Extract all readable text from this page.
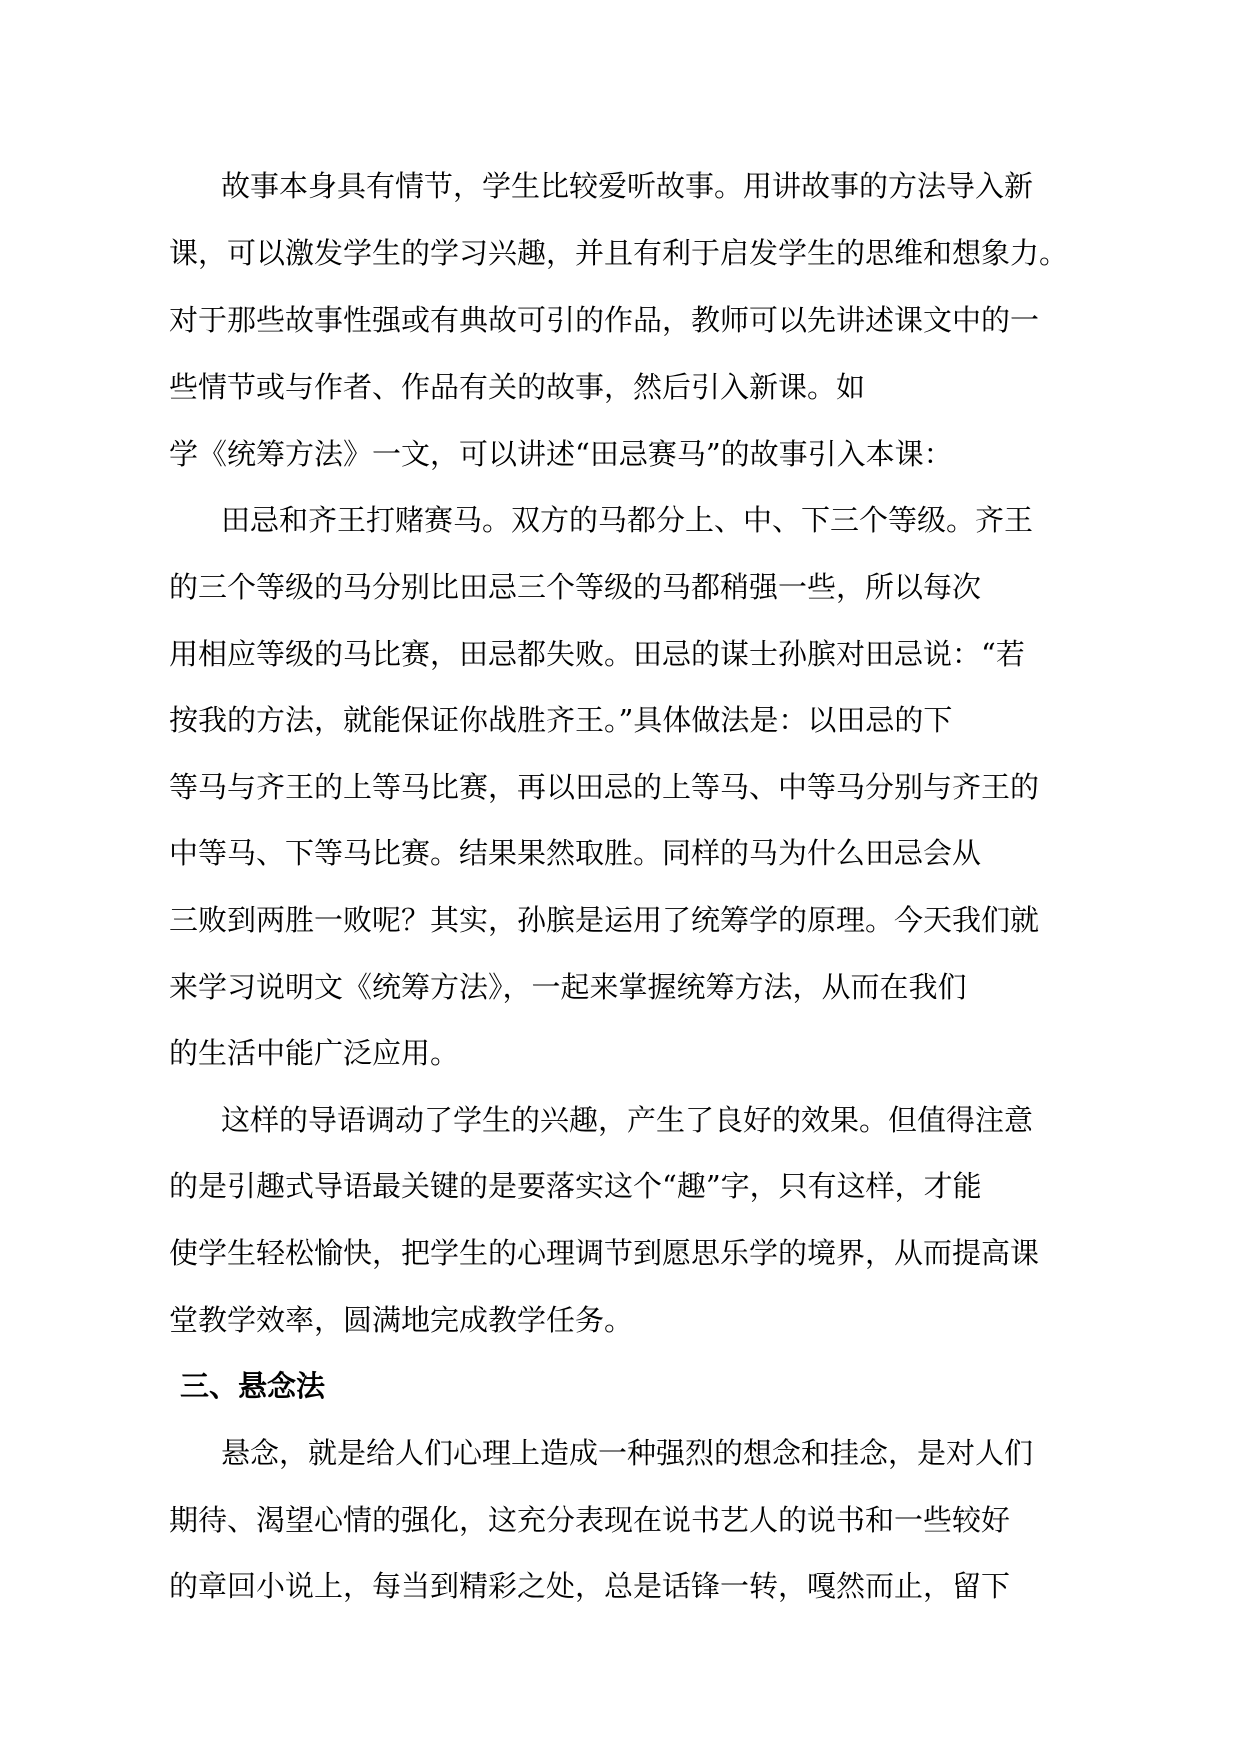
故事本身具有情节，学生比较爱听故事。用讲故事的方法导入新
课，可以激发学生的学习兴趣，并且有利于启发学生的思维和想象力。
对于那些故事性强或有典故可引的作品，教师可以先讲述课文中的一
些情节或与作者、作品有关的故事，然后引入新课。如
学《统筹方法》一文，可以讲述“田忌赛马”的故事引入本课：
田忌和齐王打赌赛马。双方的马都分上、中、下三个等级。齐王
的三个等级的马分别比田忌三个等级的马都稍强一些，所以每次
用相应等级的马比赛，田忌都失败。田忌的谋士孙膑对田忌说：“若
按我的方法，就能保证你战胜齐王。”具体做法是：以田忌的下
等马与齐王的上等马比赛，再以田忌的上等马、中等马分别与齐王的
中等马、下等马比赛。结果果然取胜。同样的马为什么田忌会从
三败到两胜一败呢？其实，孙膑是运用了统筹学的原理。今天我们就
来学习说明文《统筹方法》，一起来掌握统筹方法，从而在我们
的生活中能广泛应用。
这样的导语调动了学生的兴趣，产生了良好的效果。但值得注意
的是引趣式导语最关键的是要落实这个“趣”字，只有这样，才能
使学生轻松愉快，把学生的心理调节到愿思乐学的境界，从而提高课
堂教学效率，圆满地完成教学任务。
三、悬念法
悬念，就是给人们心理上造成一种强烈的想念和挂念，是对人们
期待、渴望心情的强化，这充分表现在说书艺人的说书和一些较好
的章回小说上，每当到精彩之处，总是话锋一转，嘎然而止，留下
